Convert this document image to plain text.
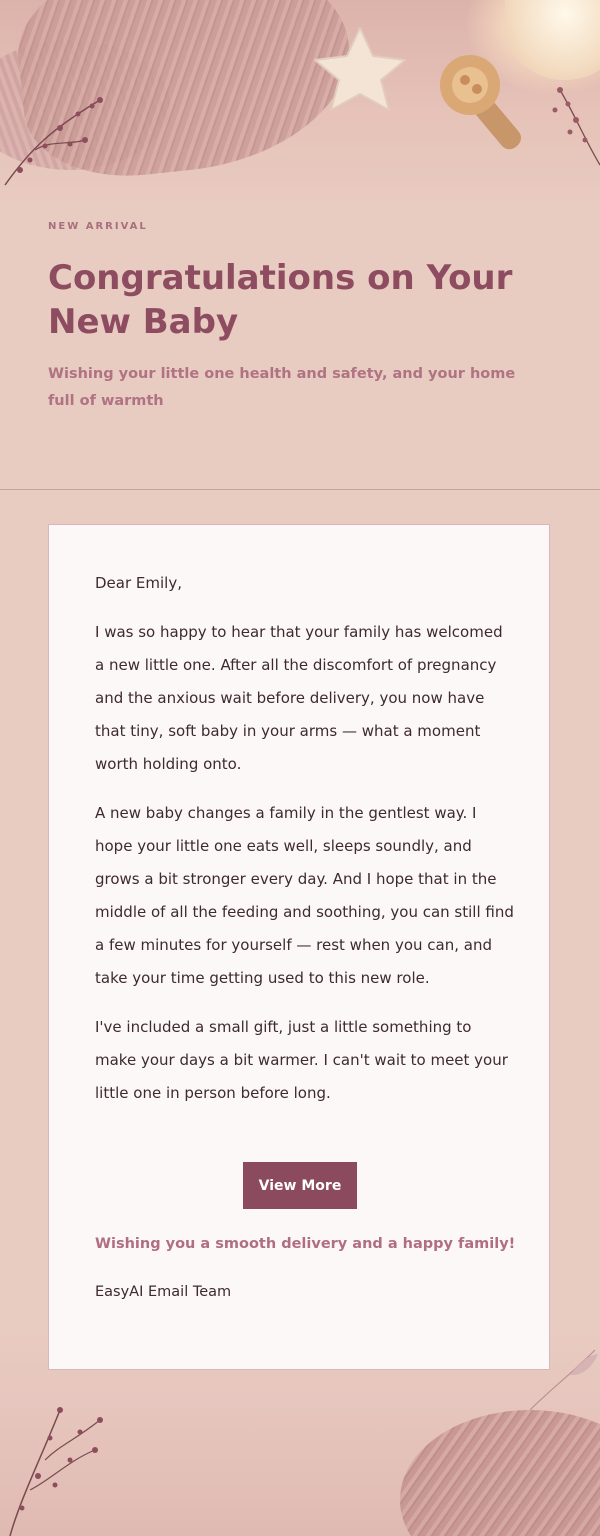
NEW ARRIVAL

Congratulations on Your New Baby

Wishing your little one health and safety, and your home full of warmth

Dear Emily,

I was so happy to hear that your family has welcomed a new little one. After all the discomfort of pregnancy and the anxious wait before delivery, you now have that tiny, soft baby in your arms — what a moment worth holding onto.

A new baby changes a family in the gentlest way. I hope your little one eats well, sleeps soundly, and grows a bit stronger every day. And I hope that in the middle of all the feeding and soothing, you can still find a few minutes for yourself — rest when you can, and take your time getting used to this new role.

I've included a small gift, just a little something to make your days a bit warmer. I can't wait to meet your little one in person before long.

View More

Wishing you a smooth delivery and a happy family!

EasyAI Email Team
